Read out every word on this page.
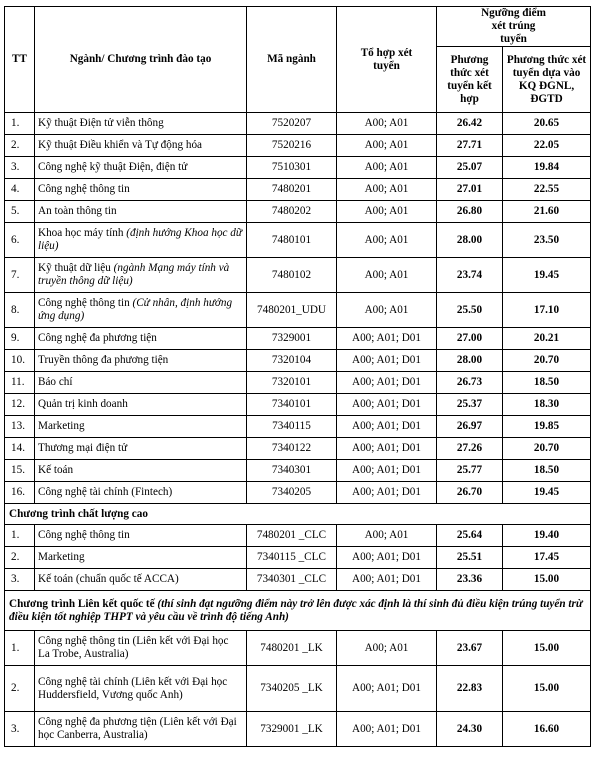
TT	Ngành/ Chương trình đào tạo	Mã ngành	Tổ hợp xét tuyển	Ngưỡng điểm xét trúng tuyển	
				Phương thức xét tuyển kết hợp	Phương thức xét tuyển dựa vào KQ ĐGNL, ĐGTD
1.	Kỹ thuật Điện tử viễn thông	7520207	A00; A01	26.42	20.65
2.	Kỹ thuật Điều khiển và Tự động hóa	7520216	A00; A01	27.71	22.05
3.	Công nghệ kỹ thuật Điện, điện tử	7510301	A00; A01	25.07	19.84
4.	Công nghệ thông tin	7480201	A00; A01	27.01	22.55
5.	An toàn thông tin	7480202	A00; A01	26.80	21.60
6.	Khoa học máy tính (định hướng Khoa học dữ liệu)	7480101	A00; A01	28.00	23.50
7.	Kỹ thuật dữ liệu (ngành Mạng máy tính và truyền thông dữ liệu)	7480102	A00; A01	23.74	19.45
8.	Công nghệ thông tin (Cử nhân, định hướng ứng dụng)	7480201_UDU	A00; A01	25.50	17.10
9.	Công nghệ đa phương tiện	7329001	A00; A01; D01	27.00	20.21
10.	Truyền thông đa phương tiện	7320104	A00; A01; D01	28.00	20.70
11.	Báo chí	7320101	A00; A01; D01	26.73	18.50
12.	Quản trị kinh doanh	7340101	A00; A01; D01	25.37	18.30
13.	Marketing	7340115	A00; A01; D01	26.97	19.85
14.	Thương mại điện tử	7340122	A00; A01; D01	27.26	20.70
15.	Kế toán	7340301	A00; A01; D01	25.77	18.50
16.	Công nghệ tài chính (Fintech)	7340205	A00; A01; D01	26.70	19.45
Chương trình chất lượng cao					
1.	Công nghệ thông tin	7480201 _CLC	A00; A01	25.64	19.40
2.	Marketing	7340115 _CLC	A00; A01; D01	25.51	17.45
3.	Kế toán (chuẩn quốc tế ACCA)	7340301 _CLC	A00; A01; D01	23.36	15.00
Chương trình Liên kết quốc tế (thí sinh đạt ngưỡng điểm này trở lên được xác định là thí sinh đủ điều kiện trúng tuyển trừ điều kiện tốt nghiệp THPT và yêu cầu về trình độ tiếng Anh)					
1.	Công nghệ thông tin (Liên kết với Đại học La Trobe, Australia)	7480201 _LK	A00; A01	23.67	15.00
2.	Công nghệ tài chính (Liên kết với Đại học Huddersfield, Vương quốc Anh)	7340205 _LK	A00; A01; D01	22.83	15.00
3.	Công nghệ đa phương tiện (Liên kết với Đại học Canberra, Australia)	7329001 _LK	A00; A01; D01	24.30	16.60
